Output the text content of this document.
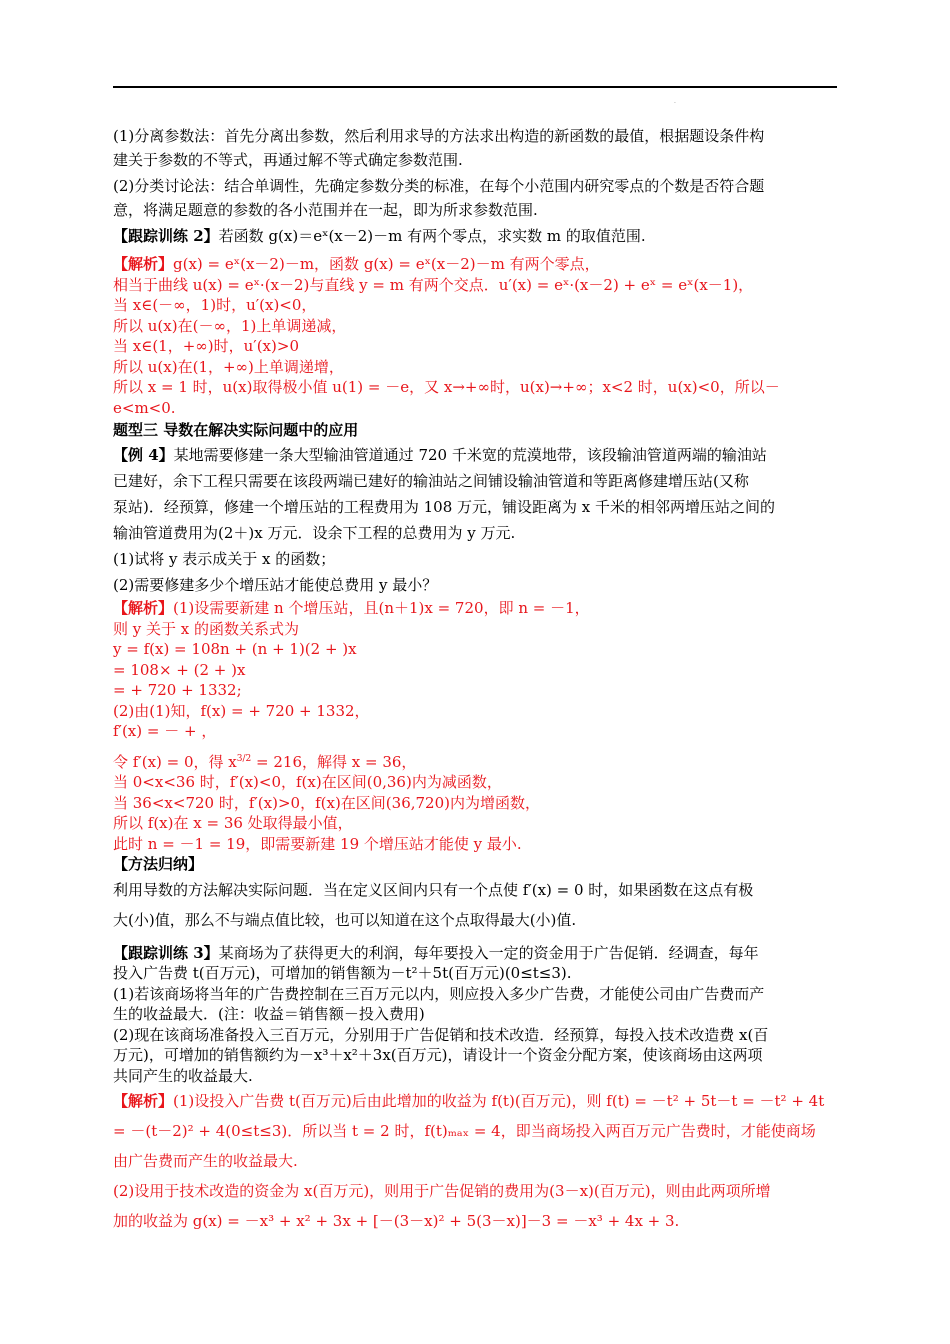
.

(1)分离参数法：首先分离出参数，然后利用求导的方法求出构造的新函数的最值，根据题设条件构

建关于参数的不等式，再通过解不等式确定参数范围.

(2)分类讨论法：结合单调性，先确定参数分类的标准，在每个小范围内研究零点的个数是否符合题

意，将满足题意的参数的各小范围并在一起，即为所求参数范围.

【跟踪训练 2】若函数 g(x)＝eˣ(x－2)－m 有两个零点，求实数 m 的取值范围.

【解析】g(x) = eˣ(x－2)－m，函数 g(x) = eˣ(x－2)－m 有两个零点，

相当于曲线 u(x) = eˣ·(x－2)与直线 y = m 有两个交点．u′(x) = eˣ·(x－2) + eˣ = eˣ(x－1)，

当 x∈(－∞，1)时，u′(x)<0，

所以 u(x)在(－∞，1)上单调递减，

当 x∈(1，+∞)时，u′(x)>0

所以 u(x)在(1，+∞)上单调递增，

所以 x = 1 时，u(x)取得极小值 u(1) = －e，又 x→+∞时，u(x)→+∞；x<2 时，u(x)<0，所以－

e<m<0.

题型三 导数在解决实际问题中的应用

【例 4】某地需要修建一条大型输油管道通过 720 千米宽的荒漠地带，该段输油管道两端的输油站

已建好，余下工程只需要在该段两端已建好的输油站之间铺设输油管道和等距离修建增压站(又称

泵站)．经预算，修建一个增压站的工程费用为 108 万元，铺设距离为 x 千米的相邻两增压站之间的

输油管道费用为(2＋)x 万元．设余下工程的总费用为 y 万元.

(1)试将 y 表示成关于 x 的函数；

(2)需要修建多少个增压站才能使总费用 y 最小？

【解析】(1)设需要新建 n 个增压站，且(n＋1)x = 720，即 n = －1，

则 y 关于 x 的函数关系式为

y = f(x) = 108n + (n + 1)(2 + )x

= 108× + (2 + )x

= + 720 + 1332;

(2)由(1)知，f(x) = + 720 + 1332，

f′(x) = － + ，

令 f′(x) = 0，得 $x^{3/2} = 216$，解得 x = 36，

当 0<x<36 时，f′(x)<0，f(x)在区间(0,36)内为减函数，

当 36<x<720 时，f′(x)>0，f(x)在区间(36,720)内为增函数，

所以 f(x)在 x = 36 处取得最小值，

此时 n = －1 = 19，即需要新建 19 个增压站才能使 y 最小.

【方法归纳】

利用导数的方法解决实际问题．当在定义区间内只有一个点使 f′(x) = 0 时，如果函数在这点有极

大(小)值，那么不与端点值比较，也可以知道在这个点取得最大(小)值.

【跟踪训练 3】某商场为了获得更大的利润，每年要投入一定的资金用于广告促销．经调查，每年

投入广告费 t(百万元)，可增加的销售额为－t²＋5t(百万元)(0≤t≤3).

(1)若该商场将当年的广告费控制在三百万元以内，则应投入多少广告费，才能使公司由广告费而产

生的收益最大．(注：收益＝销售额－投入费用)

(2)现在该商场准备投入三百万元，分别用于广告促销和技术改造．经预算，每投入技术改造费 x(百

万元)，可增加的销售额约为－x³＋x²＋3x(百万元)，请设计一个资金分配方案，使该商场由这两项

共同产生的收益最大.

【解析】(1)设投入广告费 t(百万元)后由此增加的收益为 f(t)(百万元)，则 f(t) = －t² + 5t－t = －t² + 4t

= －(t－2)² + 4(0≤t≤3)．所以当 t = 2 时，f(t)ₘₐₓ = 4，即当商场投入两百万元广告费时，才能使商场

由广告费而产生的收益最大.

(2)设用于技术改造的资金为 x(百万元)，则用于广告促销的费用为(3－x)(百万元)，则由此两项所增

加的收益为 g(x) = －x³ + x² + 3x + [－(3－x)² + 5(3－x)]－3 = －x³ + 4x + 3.
